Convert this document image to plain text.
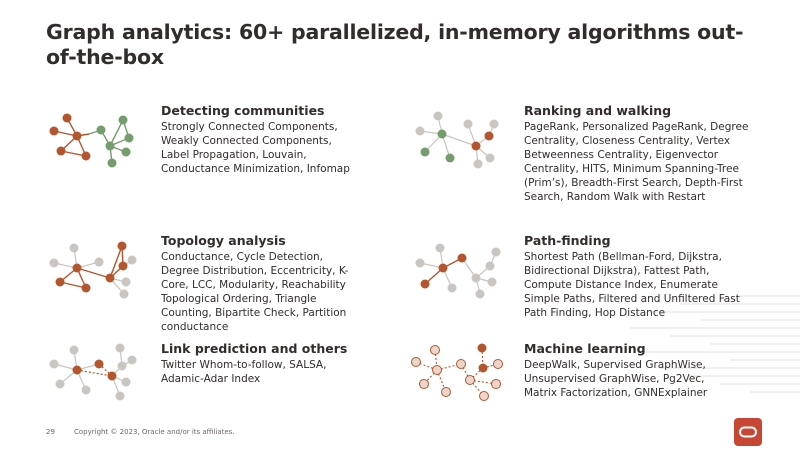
Graph analytics: 60+ parallelized, in-memory algorithms out-of-the-box
Detecting communities
Strongly Connected Components, Weakly Connected Components, Label Propagation, Louvain, Conductance Minimization, Infomap
Ranking and walking
PageRank, Personalized PageRank, Degree Centrality, Closeness Centrality, Vertex Betweenness Centrality, Eigenvector Centrality, HITS, Minimum Spanning-Tree (Prim’s), Breadth-First Search, Depth-First Search, Random Walk with Restart
Topology analysis
Conductance, Cycle Detection, Degree Distribution, Eccentricity, K-Core, LCC, Modularity, Reachability Topological Ordering, Triangle Counting, Bipartite Check, Partition conductance
Path-finding
Shortest Path (Bellman-Ford, Dijkstra, Bidirectional Dijkstra), Fattest Path, Compute Distance Index, Enumerate Simple Paths, Filtered and Unfiltered Fast Path Finding, Hop Distance
Link prediction and others
Twitter Whom-to-follow, SALSA, Adamic-Adar Index
Machine learning
DeepWalk, Supervised GraphWise, Unsupervised GraphWise, Pg2Vec, Matrix Factorization, GNNExplainer
29	Copyright © 2023, Oracle and/or its affiliates.
